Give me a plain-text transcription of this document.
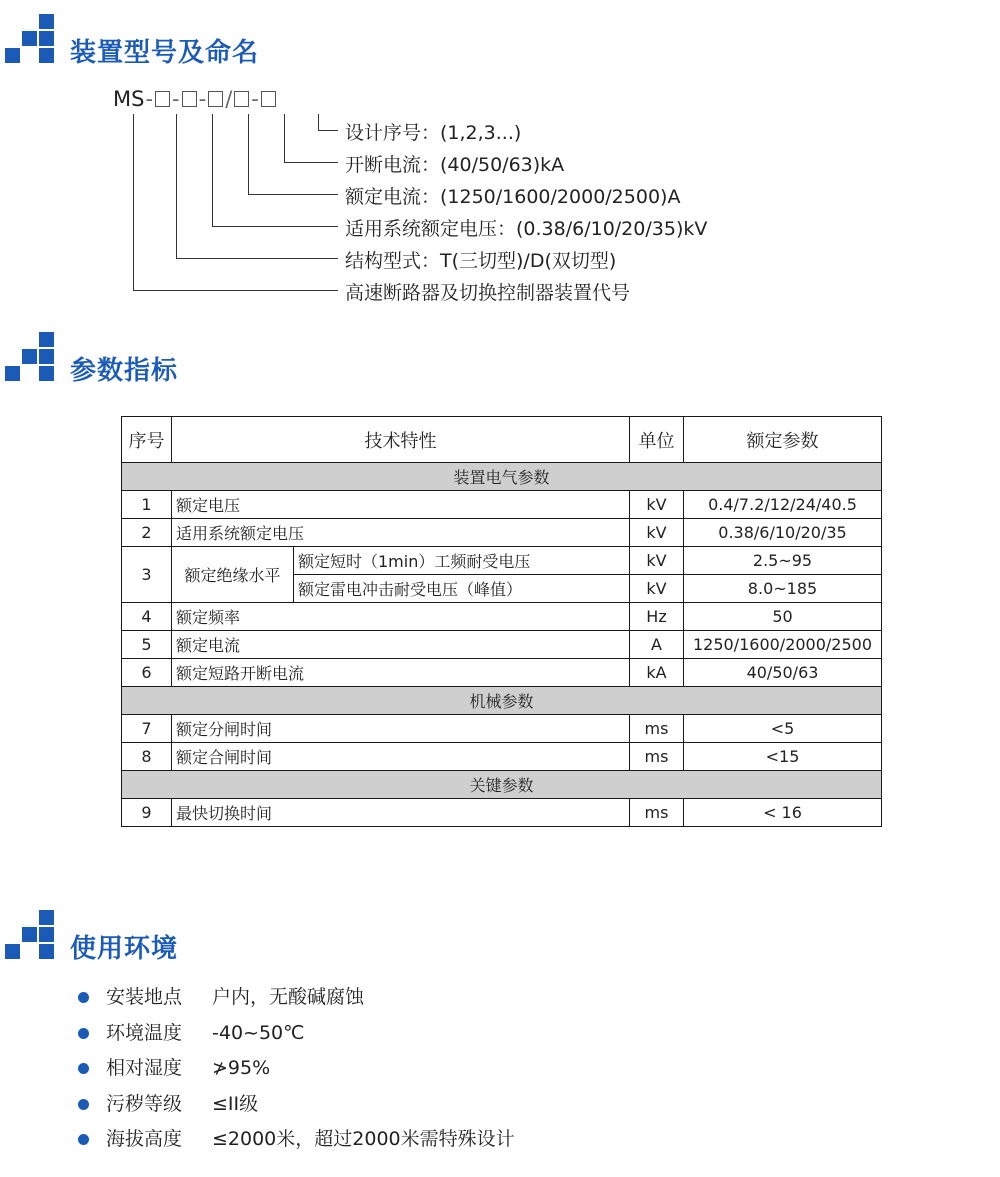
装置型号及命名
MS- - - / -
设计序号：(1,2,3...)
开断电流：(40/50/63)kA
额定电流：(1250/1600/2000/2500)A
适用系统额定电压：(0.38/6/10/20/35)kV
结构型式：T(三切型)/D(双切型)
高速断路器及切换控制器装置代号
参数指标
序号	技术特性		单位	额定参数
装置电气参数				
1	额定电压		kV	0.4/7.2/12/24/40.5
2	适用系统额定电压		kV	0.38/6/10/20/35
3	额定绝缘水平	额定短时（1min）工频耐受电压	kV	2.5~95
		额定雷电冲击耐受电压（峰值）	kV	8.0~185
4	额定频率		Hz	50
5	额定电流		A	1250/1600/2000/2500
6	额定短路开断电流		kA	40/50/63
机械参数				
7	额定分闸时间		ms	<5
8	额定合闸时间		ms	<15
关键参数				
9	最快切换时间		ms	< 16
使用环境
安装地点 户内，无酸碱腐蚀
环境温度 -40~50℃
相对湿度 ≯95%
污秽等级 ≤II级
海拔高度 ≤2000米，超过2000米需特殊设计
